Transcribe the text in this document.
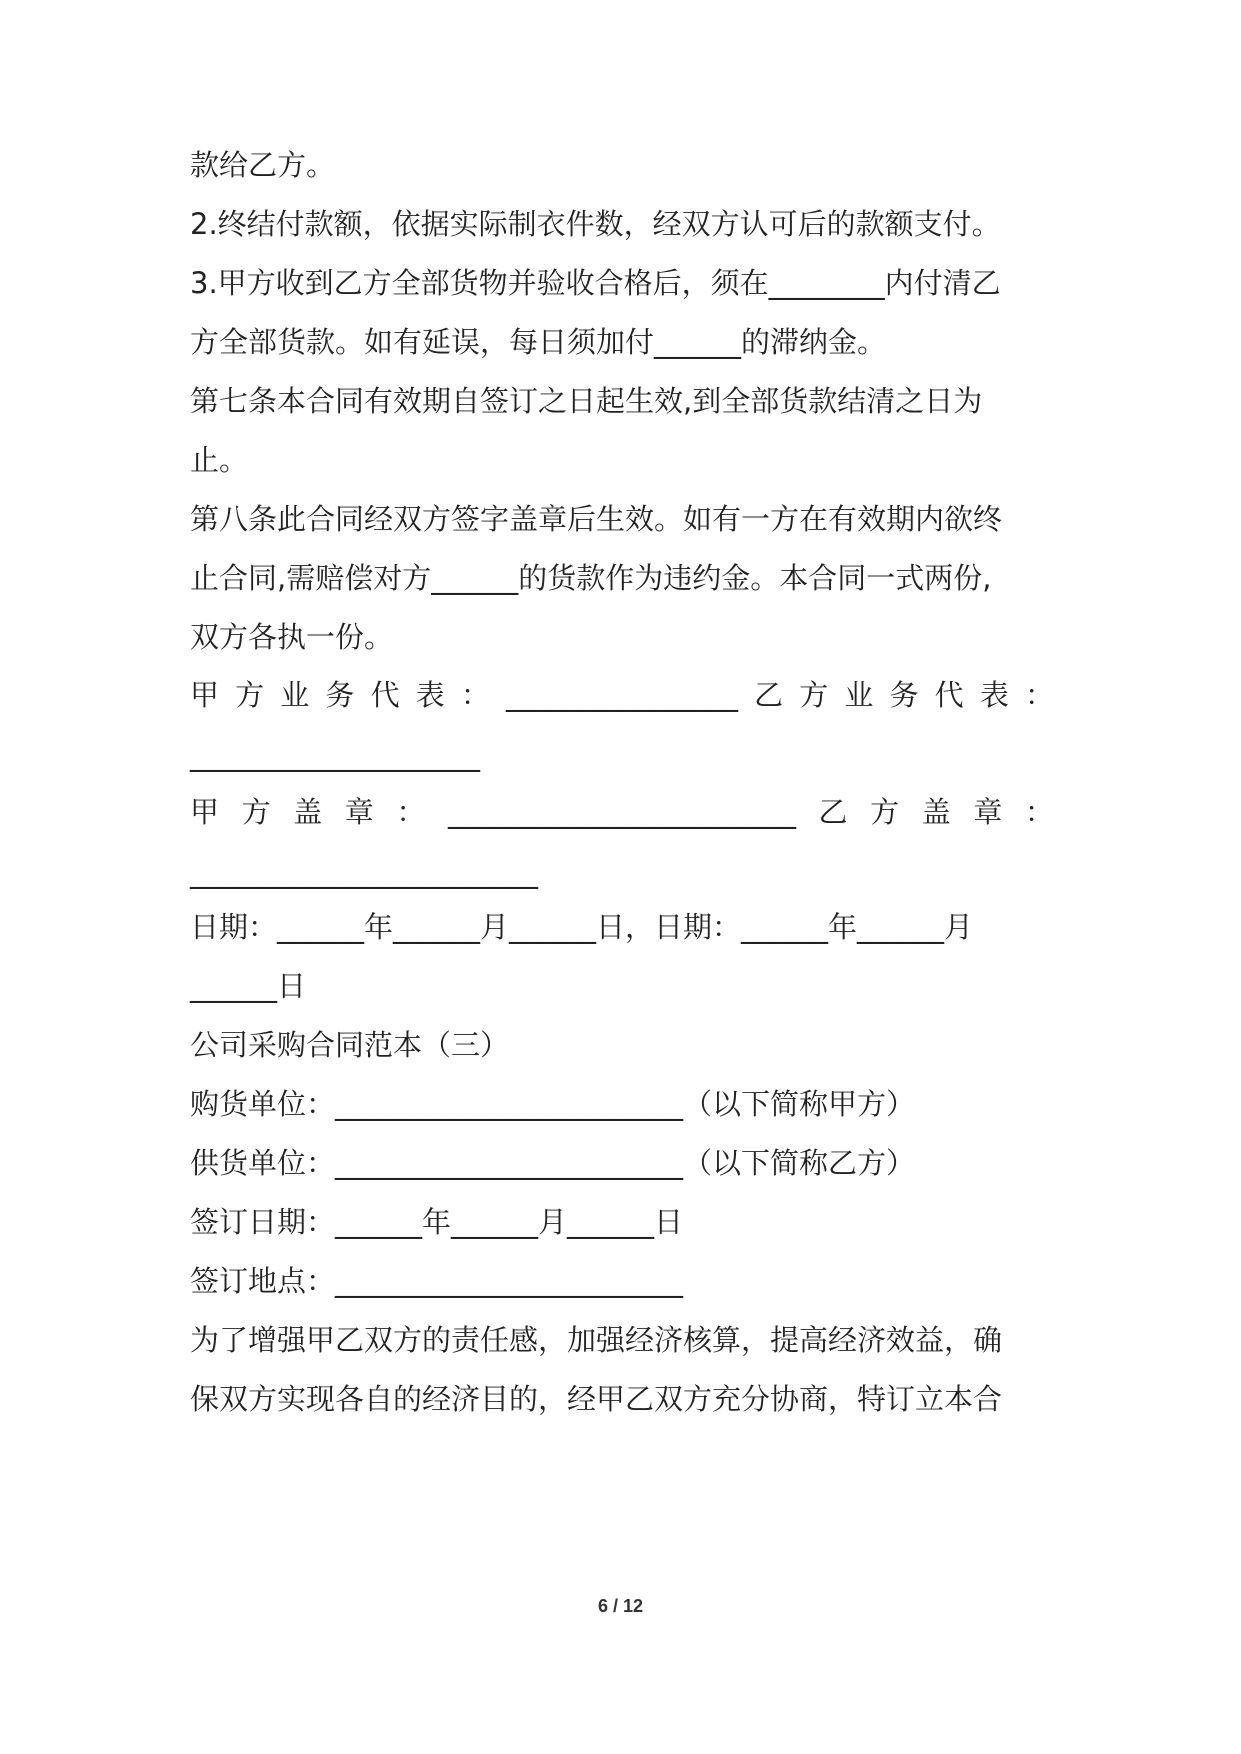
款给乙方。
2.终结付款额，依据实际制衣件数，经双方认可后的款额支付。
3.甲方收到乙方全部货物并验收合格后，须在________内付清乙
方全部货款。如有延误，每日须加付______的滞纳金。
第七条本合同有效期自签订之日起生效,到全部货款结清之日为
止。
第八条此合同经双方签字盖章后生效。如有一方在有效期内欲终
止合同,需赔偿对方______的货款作为违约金。本合同一式两份,
双方各执一份。
甲 方 业 务 代 表 ： ________________ 乙 方 业 务 代 表 ：
____________________
甲 方 盖 章 ： ________________________ 乙 方 盖 章 ：
________________________
日期：______年______月______日，日期：______年______月
______日
公司采购合同范本（三）
购货单位：________________________（以下简称甲方）
供货单位：________________________（以下简称乙方）
签订日期：______年______月______日
签订地点：________________________
为了增强甲乙双方的责任感，加强经济核算，提高经济效益，确
保双方实现各自的经济目的，经甲乙双方充分协商，特订立本合
6 / 12
